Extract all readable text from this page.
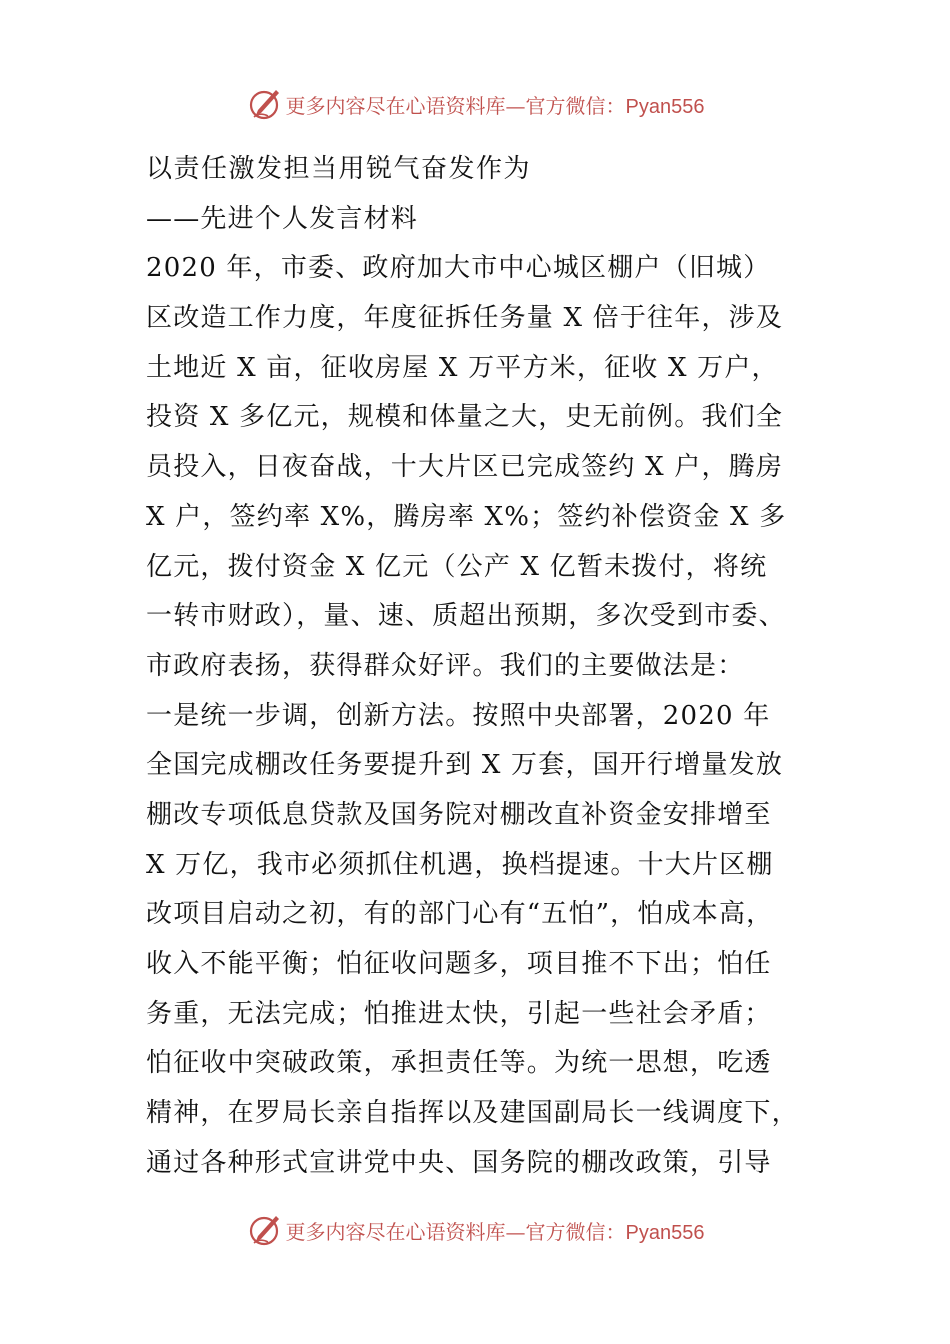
更多内容尽在心语资料库—官方微信：Pyan556
以责任激发担当用锐气奋发作为
——先进个人发言材料
2020 年，市委、政府加大市中心城区棚户（旧城）
区改造工作力度，年度征拆任务量 X 倍于往年，涉及
土地近 X 亩，征收房屋 X 万平方米，征收 X 万户，
投资 X 多亿元，规模和体量之大，史无前例。我们全
员投入，日夜奋战，十大片区已完成签约 X 户，腾房
X 户，签约率 X%，腾房率 X%；签约补偿资金 X 多
亿元，拨付资金 X 亿元（公产 X 亿暂未拨付，将统
一转市财政），量、速、质超出预期，多次受到市委、
市政府表扬，获得群众好评。我们的主要做法是：
一是统一步调，创新方法。按照中央部署，2020 年
全国完成棚改任务要提升到 X 万套，国开行增量发放
棚改专项低息贷款及国务院对棚改直补资金安排增至
X 万亿，我市必须抓住机遇，换档提速。十大片区棚
改项目启动之初，有的部门心有“五怕”，怕成本高，
收入不能平衡；怕征收问题多，项目推不下出；怕任
务重，无法完成；怕推进太快，引起一些社会矛盾；
怕征收中突破政策，承担责任等。为统一思想，吃透
精神，在罗局长亲自指挥以及建国副局长一线调度下，
通过各种形式宣讲党中央、国务院的棚改政策，引导
更多内容尽在心语资料库—官方微信：Pyan556
